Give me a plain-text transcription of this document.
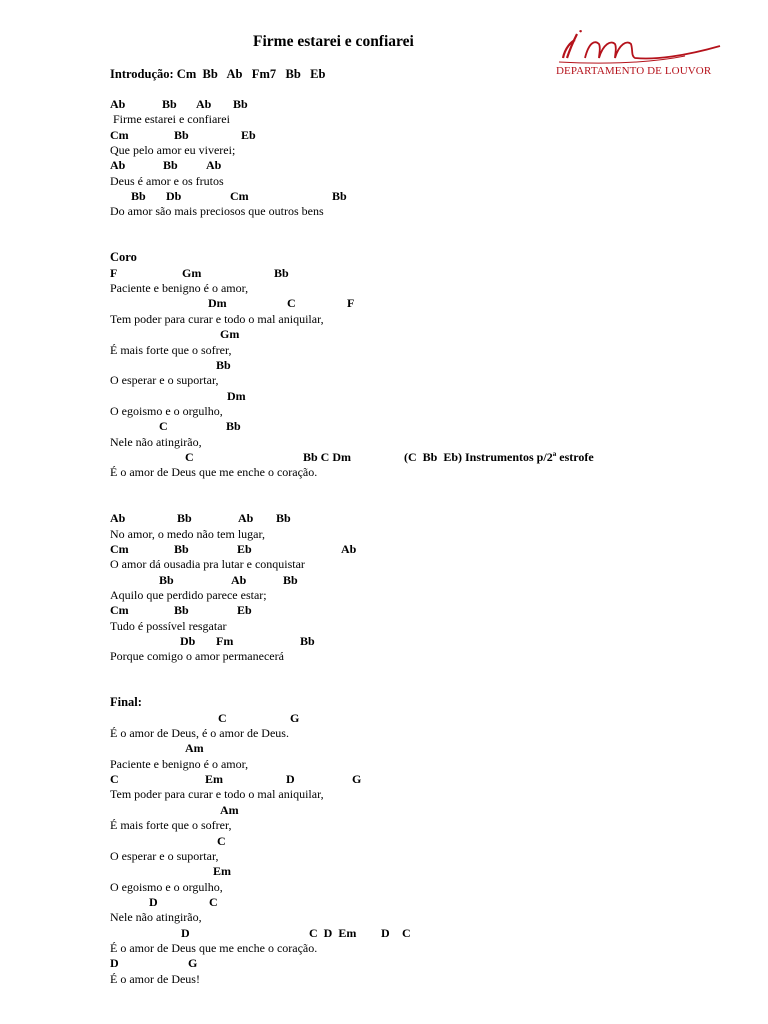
Firme estarei e confiarei
DEPARTAMENTO DE LOUVOR
Introdução: Cm  Bb   Ab   Fm7   Bb   Eb
Ab	Bb Ab Bb
Firme estarei e confiarei
Cm	Bb	Eb
Que pelo amor eu viverei;
Ab	Bb Ab
Deus é amor e os frutos
Bb Db	Cm	Bb
Do amor são mais preciosos que outros bens
Coro
F	Gm	Bb
Paciente e benigno é o amor,
Dm	C	F
Tem poder para curar e todo o mal aniquilar,
Gm
É mais forte que o sofrer,
Bb
O esperar e o suportar,
Dm
O egoismo e o orgulho,
C	Bb
Nele não atingirão,
C	Bb C Dm	(C  Bb  Eb) Instrumentos p/2ª estrofe
É o amor de Deus que me enche o coração.
Ab	Bb	Ab Bb
No amor, o medo não tem lugar,
Cm	Bb	Eb	Ab
O amor dá ousadia pra lutar e conquistar
Bb	Ab	Bb
Aquilo que perdido parece estar;
Cm	Bb	Eb
Tudo é possível resgatar
Db Fm	Bb
Porque comigo o amor permanecerá
Final:
C	G
É o amor de Deus, é o amor de Deus.
Am
Paciente e benigno é o amor,
C	Em	D	G
Tem poder para curar e todo o mal aniquilar,
Am
É mais forte que o sofrer,
C
O esperar e o suportar,
Em
O egoismo e o orgulho,
D	C
Nele não atingirão,
D	C  D  Em D C
É o amor de Deus que me enche o coração.
D	G
É o amor de Deus!
